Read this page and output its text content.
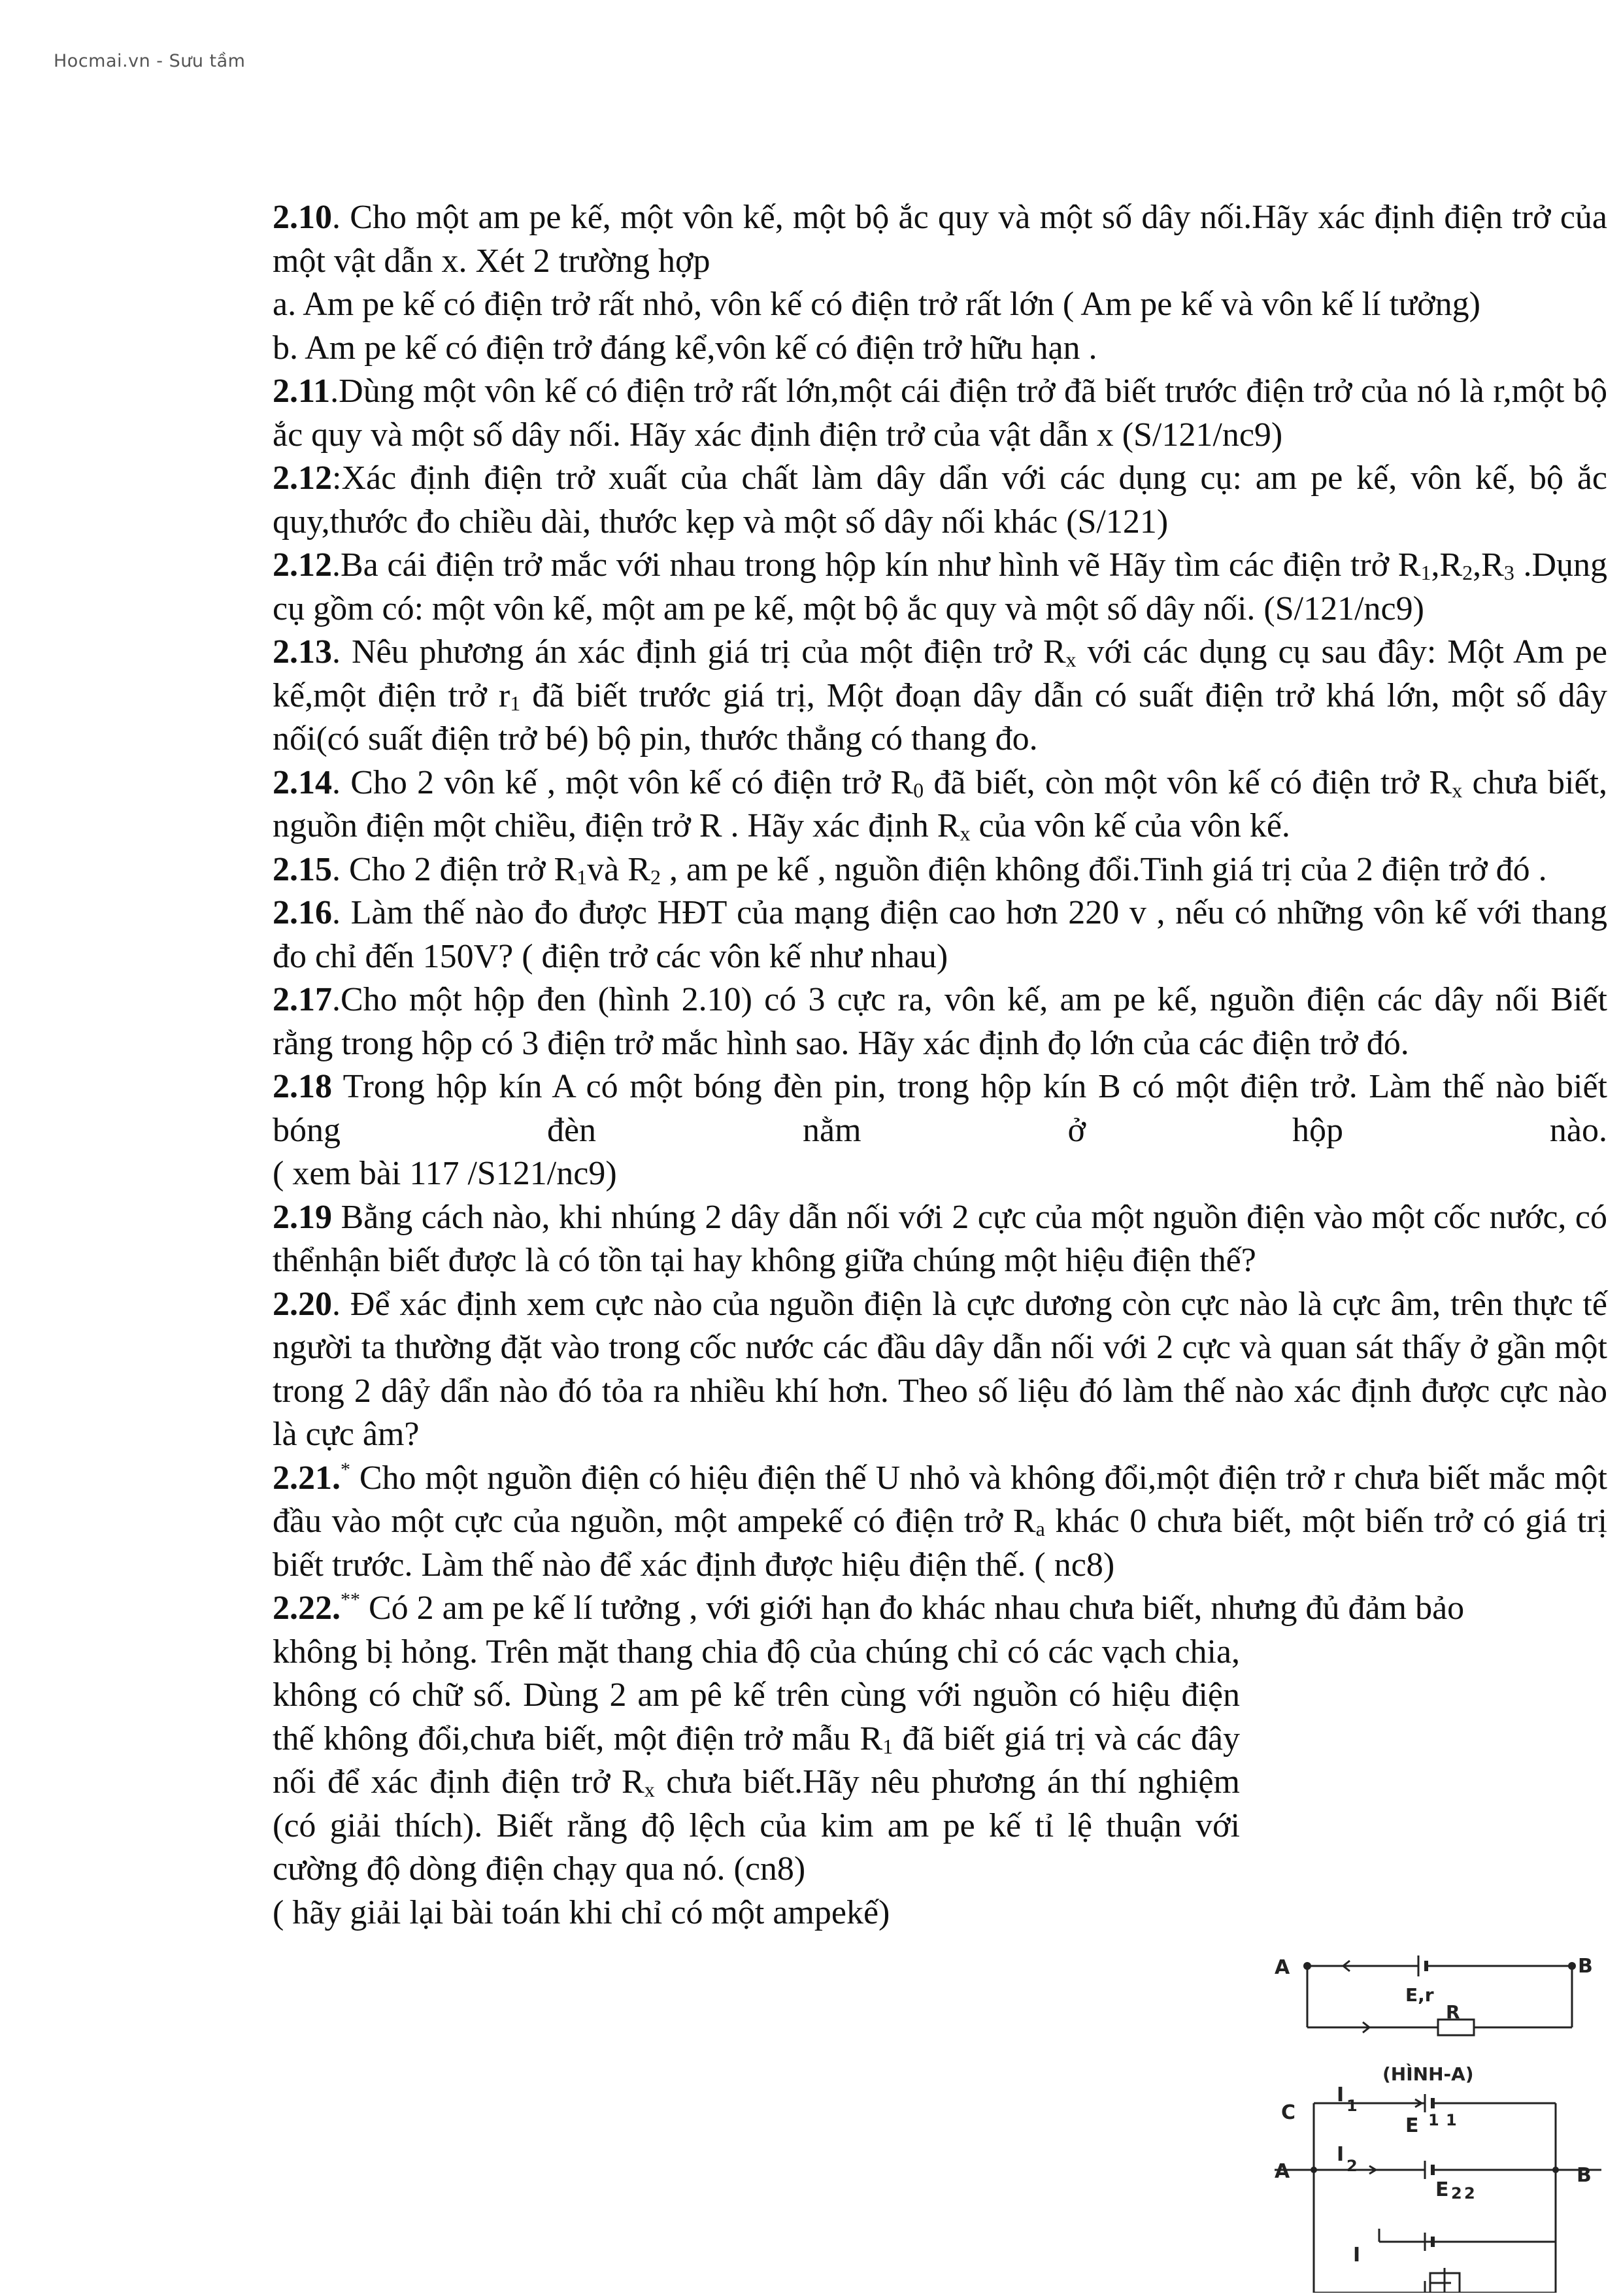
Hocmai.vn - Sưu tầm

2.10. Cho một am pe kế, một vôn kế, một bộ ắc quy và một số dây nối.Hãy xác định điện trở của một vật dẫn x. Xét 2 trường hợp

a. Am pe kế có điện trở rất nhỏ, vôn kế có điện trở rất lớn ( Am pe kế và vôn kế lí tưởng)

b. Am pe kế có điện trở đáng kể,vôn kế có điện trở hữu hạn .

2.11.Dùng một vôn kế có điện trở rất lớn,một cái điện trở đã biết trước điện trở của nó là r,một bộ ắc quy và một số dây nối. Hãy xác định điện trở của vật dẫn x (S/121/nc9)

2.12:Xác định điện trở xuất của chất làm dây dẩn với các dụng cụ: am pe kế, vôn kế, bộ ắc quy,thước đo chiều dài, thước kẹp và một số dây nối khác (S/121)

2.12.Ba cái điện trở mắc với nhau trong hộp kín như hình vẽ Hãy tìm các điện trở $R_1,R_2,R_3$ .Dụng cụ gồm có: một vôn kế, một am pe kế, một bộ ắc quy và một số dây nối. (S/121/nc9)

2.13. Nêu phương án xác định giá trị của một điện trở $R_x$ với các dụng cụ sau đây: Một Am pe kế,một điện trở $r_1$ đã biết trước giá trị, Một đoạn dây dẫn có suất điện trở khá lớn, một số dây nối(có suất điện trở bé) bộ pin, thước thẳng có thang đo.

2.14. Cho 2 vôn kế , một vôn kế có điện trở $R_0$ đã biết, còn một vôn kế có điện trở $R_x$ chưa biết, nguồn điện một chiều, điện trở R . Hãy xác định $R_x$ của vôn kế của vôn kế.

2.15. Cho 2 điện trở $R_1và$ $R_2$ , am pe kế , nguồn điện không đổi.Tinh giá trị của 2 điện trở đó .

2.16. Làm thế nào đo được HĐT của mạng điện cao hơn 220 v , nếu có những vôn kế với thang đo chỉ đến 150V? ( điện trở các vôn kế như nhau)

2.17.Cho một hộp đen (hình 2.10) có 3 cực ra, vôn kế, am pe kế, nguồn điện các dây nối Biết rằng trong hộp có 3 điện trở mắc hình sao. Hãy xác định đọ lớn của các điện trở đó.

2.18 Trong hộp kín A có một bóng đèn pin, trong hộp kín B có một điện trở. Làm thế nào biết bóng đèn nằm ở hộp nào.

( xem bài 117 /S121/nc9)

2.19 Bằng cách nào, khi nhúng 2 dây dẫn nối với 2 cực của một nguồn điện vào một cốc nước, có thểnhận biết được là có tồn tại hay không giữa chúng một hiệu điện thế?

2.20. Để xác định xem cực nào của nguồn điện là cực dương còn cực nào là cực âm, trên thực tế người ta thường đặt vào trong cốc nước các đầu dây dẫn nối với 2 cực và quan sát thấy ở gần một trong 2 dâỷ dẩn nào đó tỏa ra nhiều khí hơn. Theo số liệu đó làm thế nào xác định được cực nào là cực âm?

2.21.* Cho một nguồn điện có hiệu điện thế U nhỏ và không đổi,một điện trở r chưa biết mắc một đầu vào một cực của nguồn, một ampekế có điện trở $R_a$ khác 0 chưa biết, một biến trở có giá trị biết trước. Làm thế nào để xác định được hiệu điện thế. ( nc8)

2.22.** Có 2 am pe kế lí tưởng , với giới hạn đo khác nhau chưa biết, nhưng đủ đảm bảo

không bị hỏng. Trên mặt thang chia độ của chúng chỉ có các vạch chia, không có chữ số. Dùng 2 am pê kế trên cùng với nguồn có hiệu điện thế không đổi,chưa biết, một điện trở mẫu $R_1$ đã biết giá trị và các đây nối để xác định điện trở $R_x$ chưa biết.Hãy nêu phương án thí nghiệm (có giải thích). Biết rằng độ lệch của kim am pe kế tỉ lệ thuận với cường độ dòng điện chạy qua nó. (cn8)

( hãy giải lại bài toán khi chỉ có một ampekế)

A	B
E,r
R
(HÌNH-A)
C
I 1
E 1 1
A	B
I 2
E 2 2
I
